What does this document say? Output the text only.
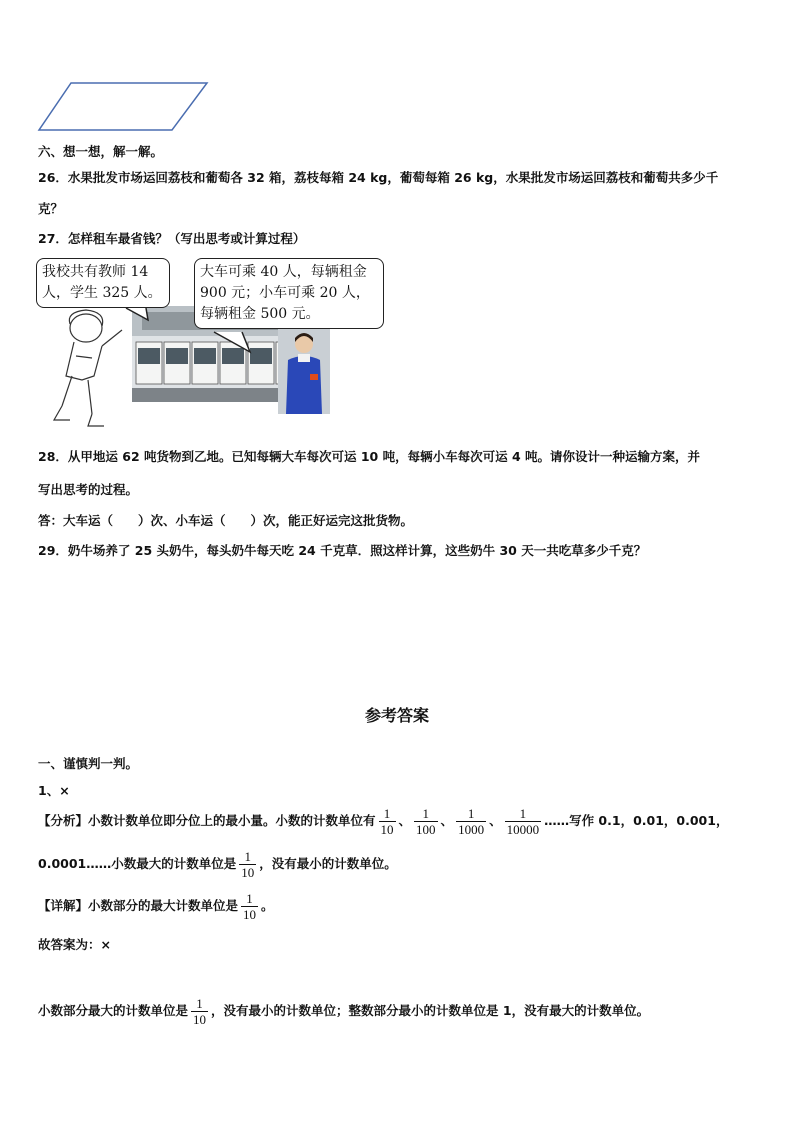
六、想一想，解一解。
26．水果批发市场运回荔枝和葡萄各 32 箱，荔枝每箱 24 kg，葡萄每箱 26 kg，水果批发市场运回荔枝和葡萄共多少千
克？
27．怎样租车最省钱？（写出思考或计算过程）
我校共有教师 14
人，学生 325 人。
大车可乘 40 人，每辆租金
900 元；小车可乘 20 人，
每辆租金 500 元。
28．从甲地运 62 吨货物到乙地。已知每辆大车每次可运 10 吨，每辆小车每次可运 4 吨。请你设计一种运输方案，并
写出思考的过程。
答：大车运（　　）次、小车运（　　）次，能正好运完这批货物。
29．奶牛场养了 25 头奶牛，每头奶牛每天吃 24 千克草．照这样计算，这些奶牛 30 天一共吃草多少千克？
参考答案
一、谨慎判一判。
1、×
【分析】小数计数单位即分位上的最小量。小数的计数单位有 $\frac{1}{10}$ 、 $\frac{1}{100}$ 、 $\frac{1}{1000}$ 、 $\frac{1}{10000}$ ……写作 0.1，0.01，0.001，
0.0001……小数最大的计数单位是 $\frac{1}{10}$ ，没有最小的计数单位。
【详解】小数部分的最大计数单位是 $\frac{1}{10}$ 。
故答案为：×
小数部分最大的计数单位是 $\frac{1}{10}$ ，没有最小的计数单位；整数部分最小的计数单位是 1，没有最大的计数单位。
